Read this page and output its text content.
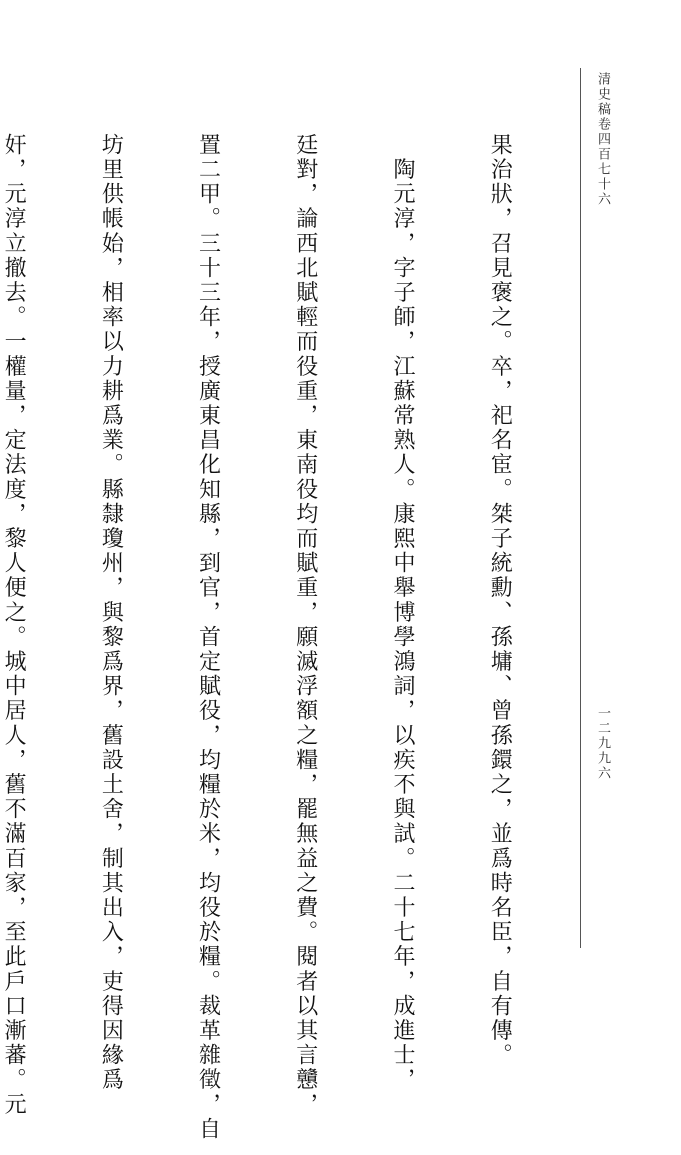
清史稿卷四百七十六
一二九九六

果治狀，召見褒之。卒，祀名宦。桀子統勳、孫墉、曾孫鐶之，並爲時名臣，自有傳。

　陶元淳，字子師，江蘇常熟人。康熙中舉博學鴻詞，以疾不與試。二十七年，成進士，

廷對，論西北賦輕而役重，東南役均而賦重，願滅浮額之糧，罷無益之費。閱者以其言戇，

置二甲。三十三年，授廣東昌化知縣，到官，首定賦役，均糧於米，均役於糧。裁革雜徵，自

坊里供帳始，相率以力耕爲業。縣隸瓊州，與黎爲界，舊設土舍，制其出入，吏得因緣爲

奸，元淳立撤去。一權量，定法度，黎人便之。城中居人，舊不滿百家，至此戶口漸蕃。元
